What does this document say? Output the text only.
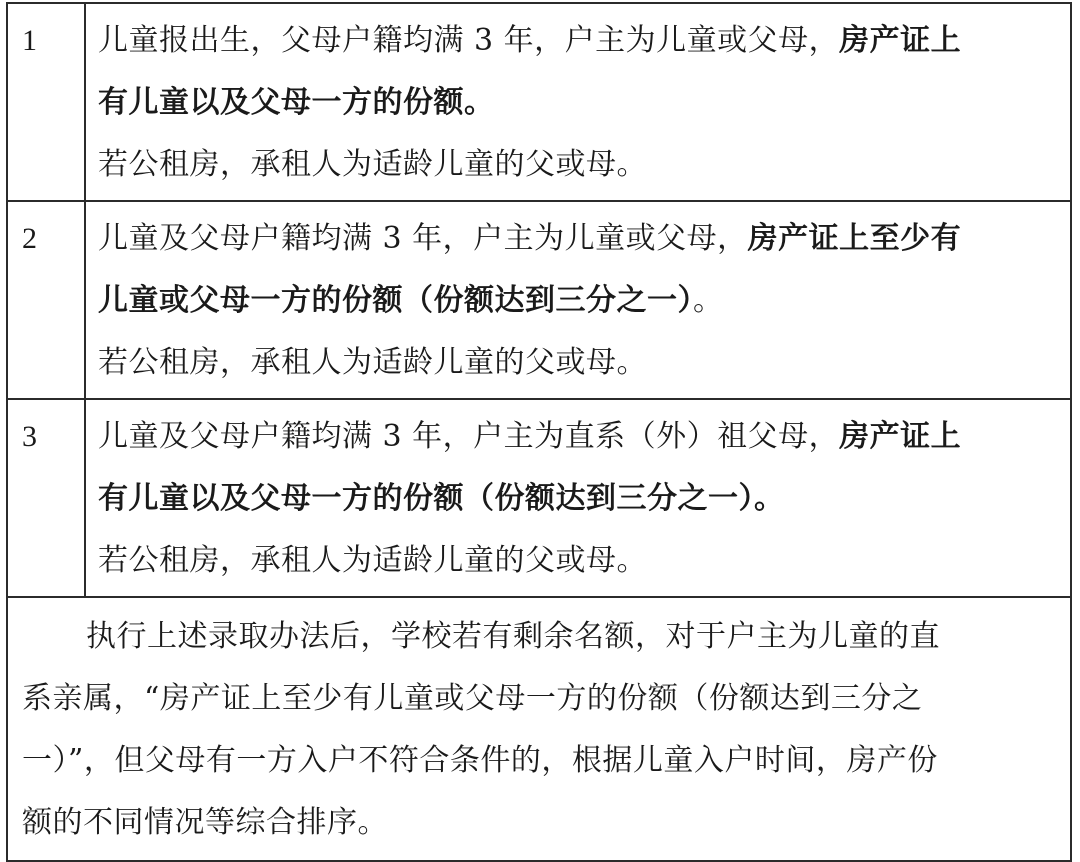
1	儿童报出生，父母户籍均满 3 年，户主为儿童或父母，房产证上
有儿童以及父母一方的份额。
若公租房，承租人为适龄儿童的父或母。

2	儿童及父母户籍均满 3 年，户主为儿童或父母，房产证上至少有
儿童或父母一方的份额（份额达到三分之一）。
若公租房，承租人为适龄儿童的父或母。

3	儿童及父母户籍均满 3 年，户主为直系（外）祖父母，房产证上
有儿童以及父母一方的份额（份额达到三分之一）。
若公租房，承租人为适龄儿童的父或母。

执行上述录取办法后，学校若有剩余名额，对于户主为儿童的直
系亲属，“房产证上至少有儿童或父母一方的份额（份额达到三分之
一）”，但父母有一方入户不符合条件的，根据儿童入户时间，房产份
额的不同情况等综合排序。	
